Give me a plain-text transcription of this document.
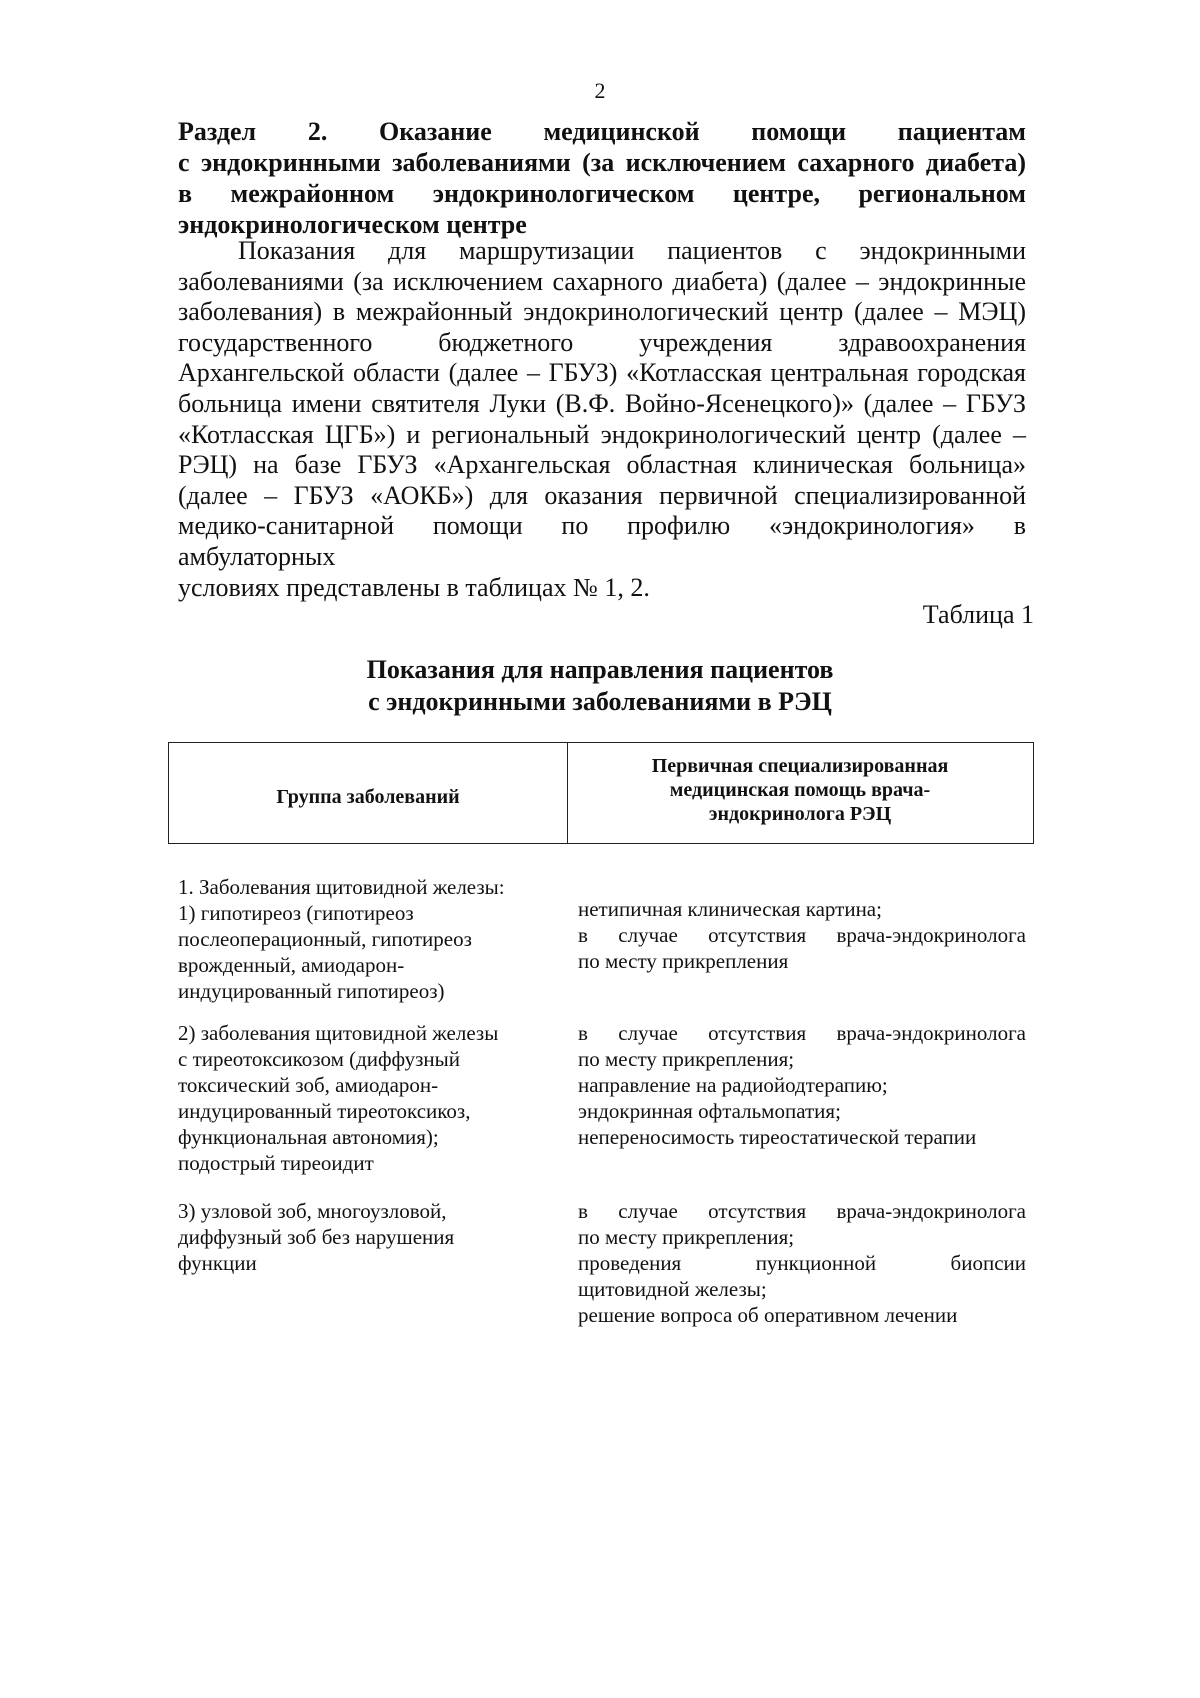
2
Раздел 2. Оказание медицинской помощи пациентам
с эндокринными заболеваниями (за исключением сахарного диабета)
в межрайонном эндокринологическом центре, региональном
эндокринологическом центре
Показания для маршрутизации пациентов с эндокринными
заболеваниями (за исключением сахарного диабета) (далее – эндокринные
заболевания) в межрайонный эндокринологический центр (далее – МЭЦ)
государственного бюджетного учреждения здравоохранения
Архангельской области (далее – ГБУЗ) «Котласская центральная городская
больница имени святителя Луки (В.Ф. Войно-Ясенецкого)» (далее – ГБУЗ
«Котласская ЦГБ») и региональный эндокринологический центр (далее –
РЭЦ) на базе ГБУЗ «Архангельская областная клиническая больница»
(далее – ГБУЗ «АОКБ») для оказания первичной специализированной
медико-санитарной помощи по профилю «эндокринология» в амбулаторных
условиях представлены в таблицах № 1, 2.
Таблица 1
Показания для направления пациентов
с эндокринными заболеваниями в РЭЦ
Группа заболеваний
Первичная специализированная
медицинская помощь врача-
эндокринолога РЭЦ
1. Заболевания щитовидной железы:
1) гипотиреоз (гипотиреоз
послеоперационный, гипотиреоз
врожденный, амиодарон-
индуцированный гипотиреоз)
нетипичная клиническая картина;
в случае отсутствия врача-эндокринолога
по месту прикрепления
2) заболевания щитовидной железы
с тиреотоксикозом (диффузный
токсический зоб, амиодарон-
индуцированный тиреотоксикоз,
функциональная автономия);
подострый тиреоидит
в случае отсутствия врача-эндокринолога
по месту прикрепления;
направление на радиойодтерапию;
эндокринная офтальмопатия;
непереносимость тиреостатической терапии
3) узловой зоб, многоузловой,
диффузный зоб без нарушения
функции
в случае отсутствия врача-эндокринолога
по месту прикрепления;
проведения пункционной биопсии
щитовидной железы;
решение вопроса об оперативном лечении
